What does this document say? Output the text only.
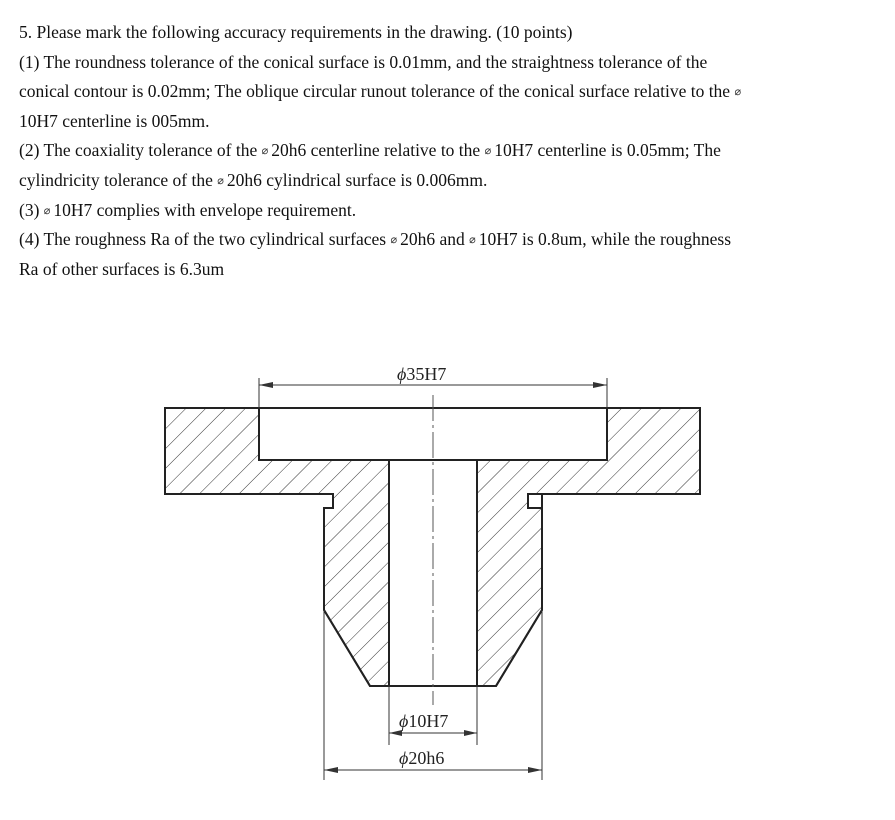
5. Please mark the following accuracy requirements in the drawing. (10 points)
(1) The roundness tolerance of the conical surface is 0.01mm, and the straightness tolerance of the
conical contour is 0.02mm; The oblique circular runout tolerance of the conical surface relative to the ⌀
10H7 centerline is 005mm.
(2) The coaxiality tolerance of the ⌀ 20h6 centerline relative to the ⌀ 10H7 centerline is 0.05mm; The
cylindricity tolerance of the ⌀ 20h6 cylindrical surface is 0.006mm.
(3) ⌀ 10H7 complies with envelope requirement.
(4) The roughness Ra of the two cylindrical surfaces ⌀ 20h6 and ⌀ 10H7 is 0.8um, while the roughness
Ra of other surfaces is 6.3um
ϕ35H7
ϕ10H7
ϕ20h6
